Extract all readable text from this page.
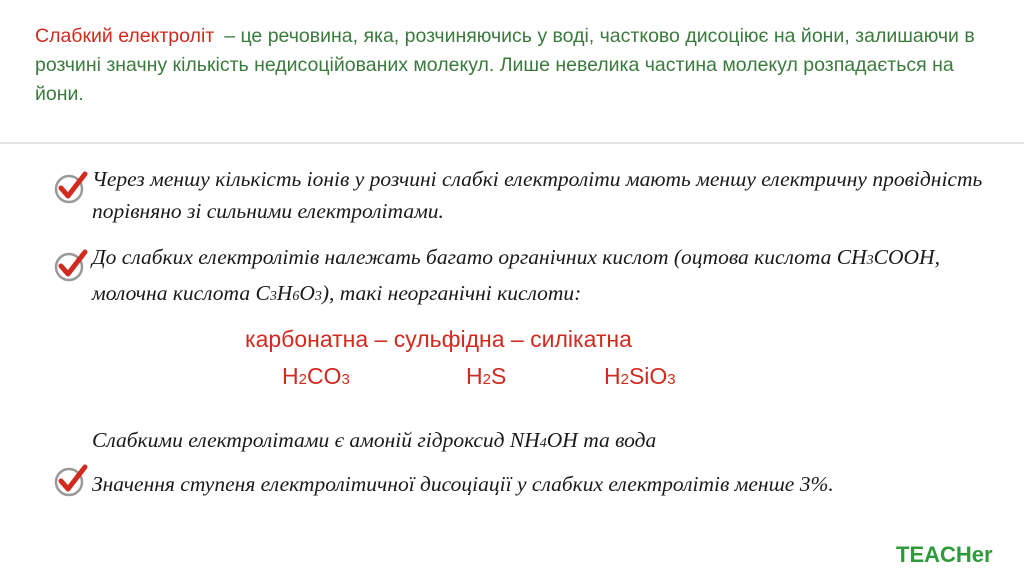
Слабкий електроліт – це речовина, яка, розчиняючись у воді, частково дисоціює на йони, залишаючи в розчині значну кількість недисоційованих молекул. Лише невелика частина молекул розпадається на йони.
Через меншу кількість іонів у розчині слабкі електроліти мають меншу електричну провідність порівняно зі сильними електролітами.
До слабких електролітів належать багато органічних кислот (оцтова кислота CH3COOH, молочна кислота C3H6O3), такі неорганічні кислоти:
карбонатна – сульфідна – силікатна
H2CO3	H2S	H2SiO3
Слабкими електролітами є амоній гідроксид NH4OH та вода
Значення ступеня електролітичної дисоціації у слабких електролітів менше 3%.
TEACHer
